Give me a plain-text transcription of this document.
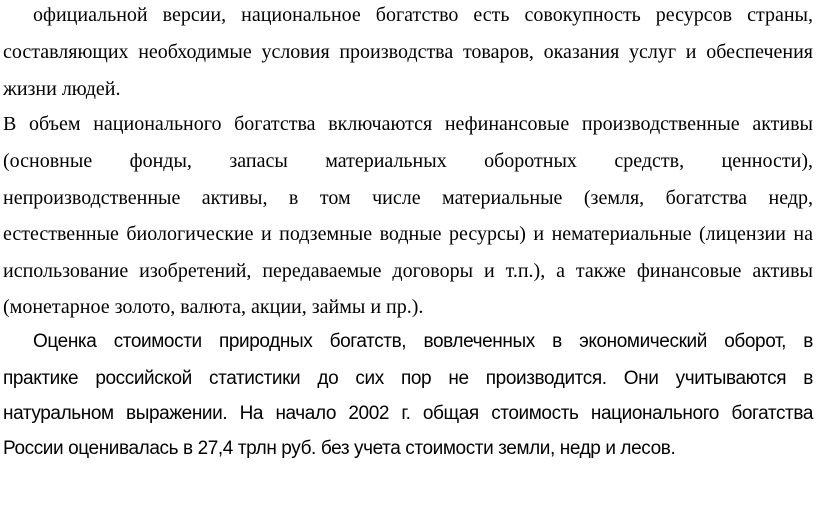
официальной версии, национальное богатство есть совокупность ресурсов страны,
составляющих необходимые условия производства товаров, оказания услуг и обеспечения
жизни людей.
В объем национального богатства включаются нефинансовые производственные активы
(основные фонды, запасы материальных оборотных средств, ценности),
непроизводственные активы, в том числе материальные (земля, богатства недр,
естественные биологические и подземные водные ресурсы) и нематериальные (лицензии на
использование изобретений, передаваемые договоры и т.п.), а также финансовые активы
(монетарное золото, валюта, акции, займы и пр.).
Оценка стоимости природных богатств, вовлеченных в экономический оборот, в
практике российской статистики до сих пор не производится. Они учитываются в
натуральном выражении. На начало 2002 г. общая стоимость национального богатства
России оценивалась в 27,4 трлн руб. без учета стоимости земли, недр и лесов.
